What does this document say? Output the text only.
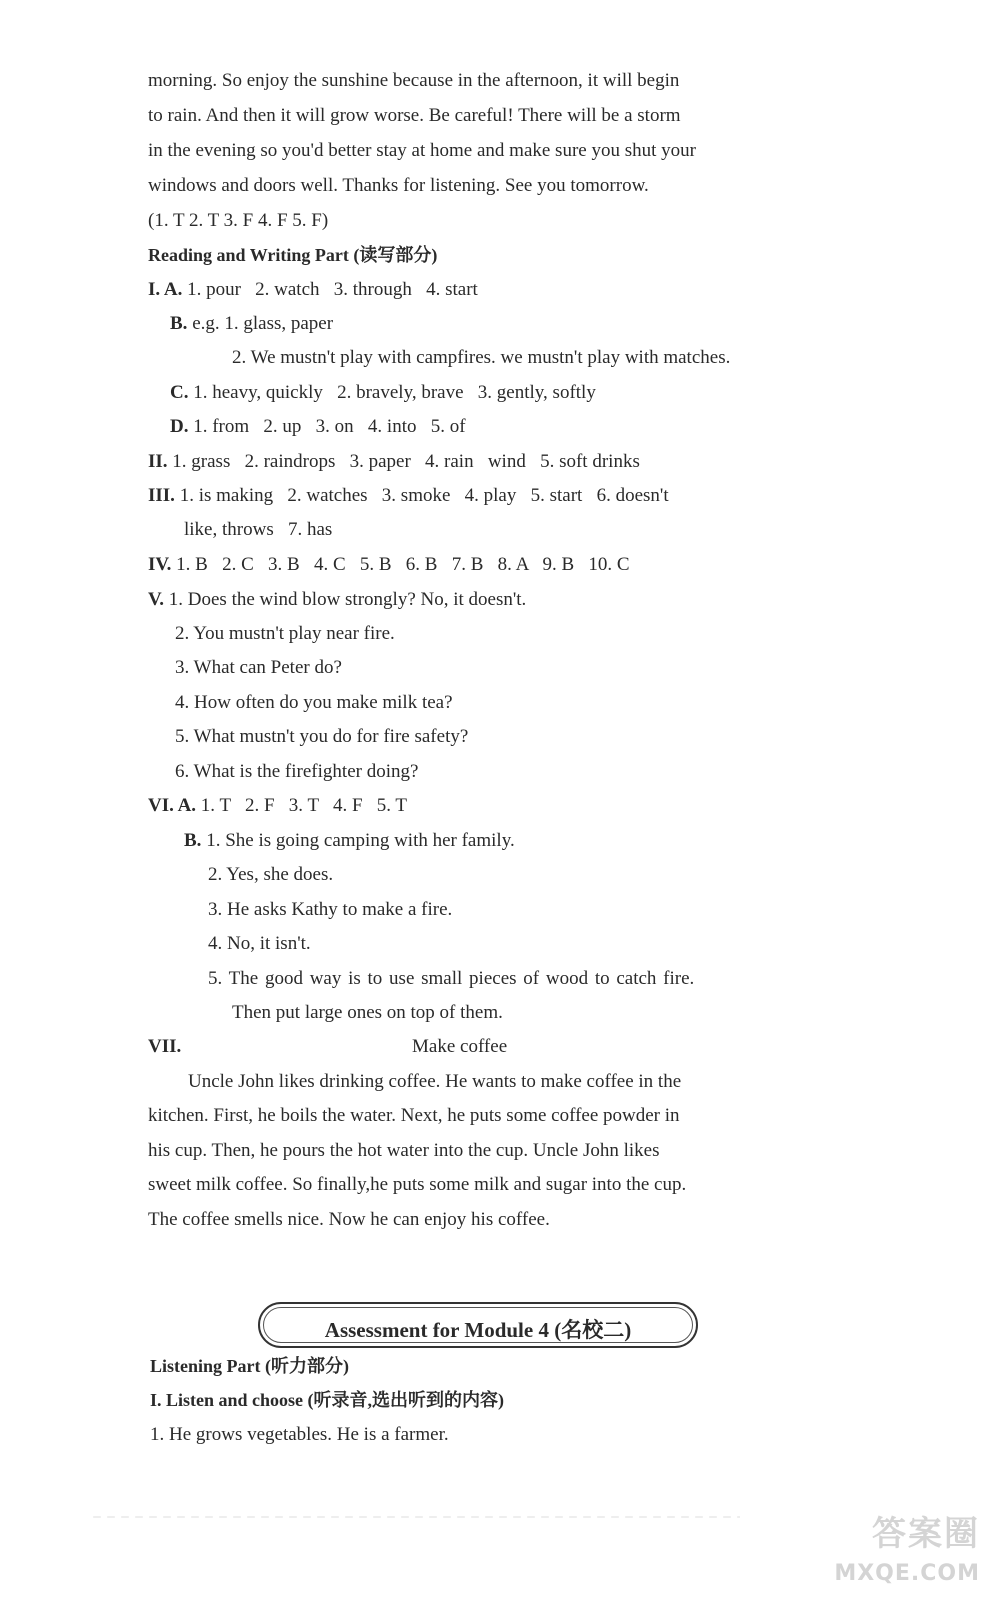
morning. So enjoy the sunshine because in the afternoon, it will begin
to rain. And then it will grow worse. Be careful! There will be a storm
in the evening so you'd better stay at home and make sure you shut your
windows and doors well. Thanks for listening. See you tomorrow.
(1. T 2. T 3. F 4. F 5. F)
Reading and Writing Part (读写部分)
I. A. 1. pour   2. watch   3. through   4. start
B. e.g. 1. glass, paper
2. We mustn't play with campfires. we mustn't play with matches.
C. 1. heavy, quickly   2. bravely, brave   3. gently, softly
D. 1. from   2. up   3. on   4. into   5. of
II. 1. grass   2. raindrops   3. paper   4. rain   wind   5. soft drinks
III. 1. is making   2. watches   3. smoke   4. play   5. start   6. doesn't
like, throws   7. has
IV. 1. B   2. C   3. B   4. C   5. B   6. B   7. B   8. A   9. B   10. C
V. 1. Does the wind blow strongly? No, it doesn't.
2. You mustn't play near fire.
3. What can Peter do?
4. How often do you make milk tea?
5. What mustn't you do for fire safety?
6. What is the firefighter doing?
VI. A. 1. T   2. F   3. T   4. F   5. T
B. 1. She is going camping with her family.
2. Yes, she does.
3. He asks Kathy to make a fire.
4. No, it isn't.
5. The good way is to use small pieces of wood to catch fire.
Then put large ones on top of them.
VII.	Make coffee
Uncle John likes drinking coffee. He wants to make coffee in the
kitchen. First, he boils the water. Next, he puts some coffee powder in
his cup. Then, he pours the hot water into the cup. Uncle John likes
sweet milk coffee. So finally,he puts some milk and sugar into the cup.
The coffee smells nice. Now he can enjoy his coffee.
Assessment for Module 4 (名校二)
Listening Part (听力部分)
I. Listen and choose (听录音,选出听到的内容)
1. He grows vegetables. He is a farmer.
答案圈
MXQE.COM
